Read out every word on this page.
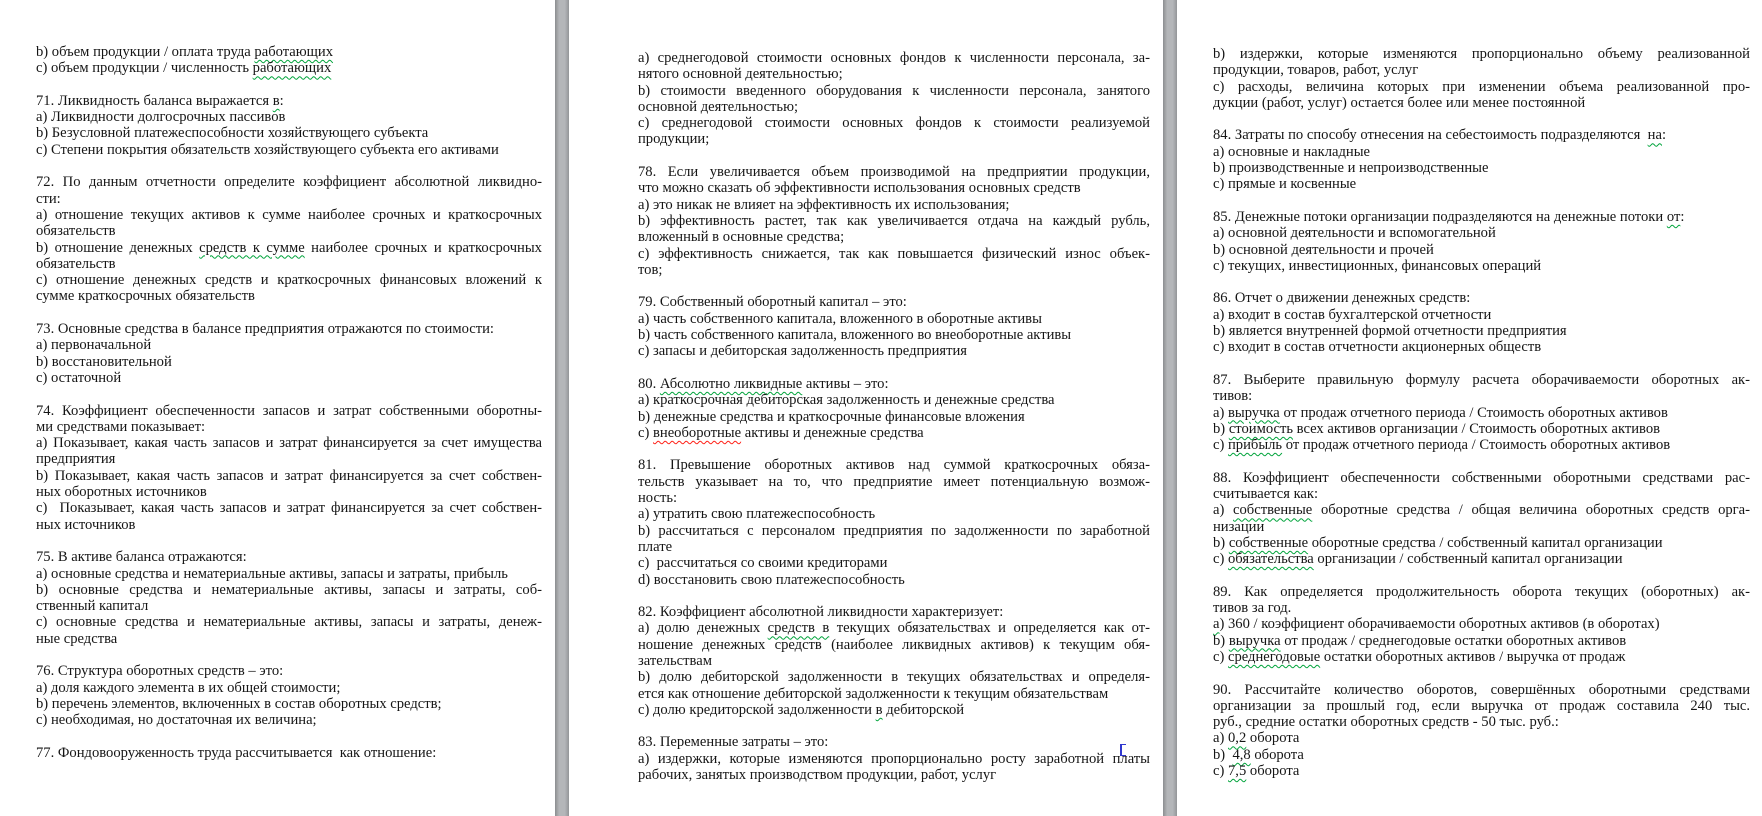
b) объем продукции / оплата труда работающих
c) объем продукции / численность работающих
71. Ликвидность баланса выражается в:
a) Ликвидности долгосрочных пассивов
b) Безусловной платежеспособности хозяйствующего субъекта
c) Степени покрытия обязательств хозяйствующего субъекта его активами
72. По данным отчетности определите коэффициент абсолютной ликвидно-
сти:
a) отношение текущих активов к сумме наиболее срочных и краткосрочных
обязательств
b) отношение денежных средств к сумме наиболее срочных и краткосрочных
обязательств
c) отношение денежных средств и краткосрочных финансовых вложений к
сумме краткосрочных обязательств
73. Основные средства в балансе предприятия отражаются по стоимости:
a) первоначальной
b) восстановительной
c) остаточной
74. Коэффициент обеспеченности запасов и затрат собственными оборотны-
ми средствами показывает:
a) Показывает, какая часть запасов и затрат финансируется за счет имущества
предприятия
b) Показывает, какая часть запасов и затрат финансируется за счет собствен-
ных оборотных источников
c)  Показывает, какая часть запасов и затрат финансируется за счет собствен-
ных источников
75. В активе баланса отражаются:
a) основные средства и нематериальные активы, запасы и затраты, прибыль
b) основные средства и нематериальные активы, запасы и затраты, соб-
ственный капитал
c) основные средства и нематериальные активы, запасы и затраты, денеж-
ные средства
76. Структура оборотных средств – это:
a) доля каждого элемента в их общей стоимости;
b) перечень элементов, включенных в состав оборотных средств;
c) необходимая, но достаточная их величина;
77. Фондовооруженность труда рассчитывается  как отношение:
a) среднегодовой стоимости основных фондов к численности персонала, за-
нятого основной деятельностью;
b) стоимости введенного оборудования к численности персонала, занятого
основной деятельностью;
c) среднегодовой стоимости основных фондов к стоимости реализуемой
продукции;
78. Если увеличивается объем производимой на предприятии продукции,
что можно сказать об эффективности использования основных средств
a) это никак не влияет на эффективность их использования;
b) эффективность растет, так как увеличивается отдача на каждый рубль,
вложенный в основные средства;
c) эффективность снижается, так как повышается физический износ объек-
тов;
79. Собственный оборотный капитал – это:
a) часть собственного капитала, вложенного в оборотные активы
b) часть собственного капитала, вложенного во внеоборотные активы
c) запасы и дебиторская задолженность предприятия
80. Абсолютно ликвидные активы – это:
a) краткосрочная дебиторская задолженность и денежные средства
b) денежные средства и краткосрочные финансовые вложения
c) внеоборотные активы и денежные средства
81. Превышение оборотных активов над суммой краткосрочных обяза-
тельств указывает на то, что предприятие имеет потенциальную возмож-
ность:
a) утратить свою платежеспособность
b) рассчитаться с персоналом предприятия по задолженности по заработной
плате
c)  рассчитаться со своими кредиторами
d) восстановить свою платежеспособность
82. Коэффициент абсолютной ликвидности характеризует:
a) долю денежных средств в текущих обязательствах и определяется как от-
ношение денежных средств (наиболее ликвидных активов) к текущим обя-
зательствам
b) долю дебиторской задолженности в текущих обязательствах и определя-
ется как отношение дебиторской задолженности к текущим обязательствам
c) долю кредиторской задолженности в дебиторской
83. Переменные затраты – это:
a) издержки, которые изменяются пропорционально росту заработной платы
рабочих, занятых производством продукции, работ, услуг
b) издержки, которые изменяются пропорционально объему реализованной
продукции, товаров, работ, услуг
c) расходы, величина которых при изменении объема реализованной про-
дукции (работ, услуг) остается более или менее постоянной
84. Затраты по способу отнесения на себестоимость подразделяются  на:
a) основные и накладные
b) производственные и непроизводственные
c) прямые и косвенные
85. Денежные потоки организации подразделяются на денежные потоки от:
a) основной деятельности и вспомогательной
b) основной деятельности и прочей
c) текущих, инвестиционных, финансовых операций
86. Отчет о движении денежных средств:
a) входит в состав бухгалтерской отчетности
b) является внутренней формой отчетности предприятия
c) входит в состав отчетности акционерных обществ
87. Выберите правильную формулу расчета оборачиваемости оборотных ак-
тивов:
a) выручка от продаж отчетного периода / Стоимость оборотных активов
b) стоимость всех активов организации / Стоимость оборотных активов
c) прибыль от продаж отчетного периода / Стоимость оборотных активов
88. Коэффициент обеспеченности собственными оборотными средствами рас-
считывается как:
a) собственные оборотные средства / общая величина оборотных средств орга-
низации
b) собственные оборотные средства / собственный капитал организации
c) обязательства организации / собственный капитал организации
89. Как определяется продолжительность оборота текущих (оборотных) ак-
тивов за год.
a) 360 / коэффициент оборачиваемости оборотных активов (в оборотах)
b) выручка от продаж / среднегодовые остатки оборотных активов
c) среднегодовые остатки оборотных активов / выручка от продаж
90. Рассчитайте количество оборотов, совершённых оборотными средствами
организации за прошлый год, если выручка от продаж составила 240 тыс.
руб., средние остатки оборотных средств - 50 тыс. руб.:
a) 0,2 оборота
b)  4,8 оборота
c) 7,5 оборота
